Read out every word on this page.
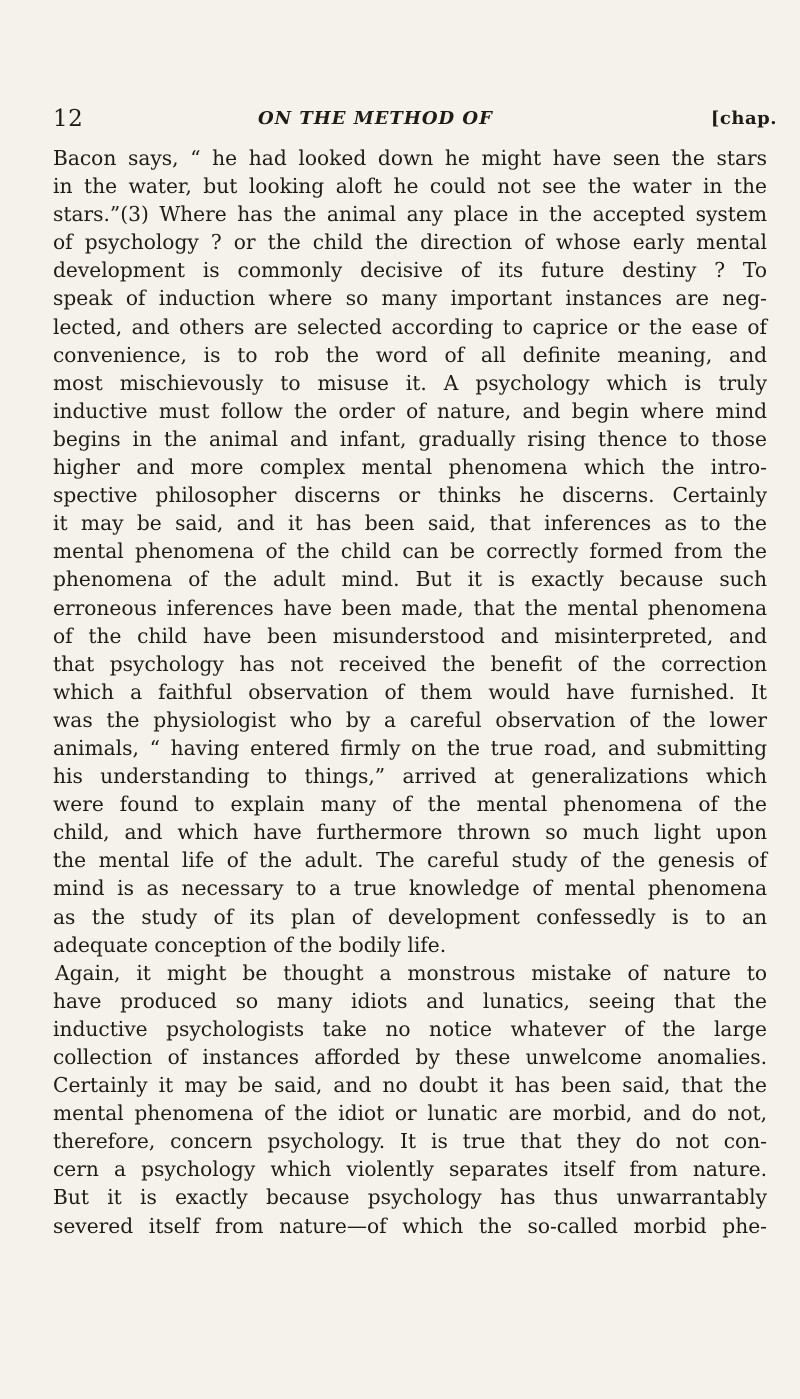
12	ON THE METHOD OF	[chap.
Bacon says, “ he had looked down he might have seen the stars
in the water, but looking aloft he could not see the water in the
stars.”(3) Where has the animal any place in the accepted system
of psychology ? or the child the direction of whose early mental
development is commonly decisive of its future destiny ? To
speak of induction where so many important instances are neg-
lected, and others are selected according to caprice or the ease of
convenience, is to rob the word of all definite meaning, and
most mischievously to misuse it. A psychology which is truly
inductive must follow the order of nature, and begin where mind
begins in the animal and infant, gradually rising thence to those
higher and more complex mental phenomena which the intro-
spective philosopher discerns or thinks he discerns. Certainly
it may be said, and it has been said, that inferences as to the
mental phenomena of the child can be correctly formed from the
phenomena of the adult mind. But it is exactly because such
erroneous inferences have been made, that the mental phenomena
of the child have been misunderstood and misinterpreted, and
that psychology has not received the benefit of the correction
which a faithful observation of them would have furnished. It
was the physiologist who by a careful observation of the lower
animals, “ having entered firmly on the true road, and submitting
his understanding to things,” arrived at generalizations which
were found to explain many of the mental phenomena of the
child, and which have furthermore thrown so much light upon
the mental life of the adult. The careful study of the genesis of
mind is as necessary to a true knowledge of mental phenomena
as the study of its plan of development confessedly is to an
adequate conception of the bodily life.
Again, it might be thought a monstrous mistake of nature to
have produced so many idiots and lunatics, seeing that the
inductive psychologists take no notice whatever of the large
collection of instances afforded by these unwelcome anomalies.
Certainly it may be said, and no doubt it has been said, that the
mental phenomena of the idiot or lunatic are morbid, and do not,
therefore, concern psychology. It is true that they do not con-
cern a psychology which violently separates itself from nature.
But it is exactly because psychology has thus unwarrantably
severed itself from nature—of which the so-called morbid phe-
